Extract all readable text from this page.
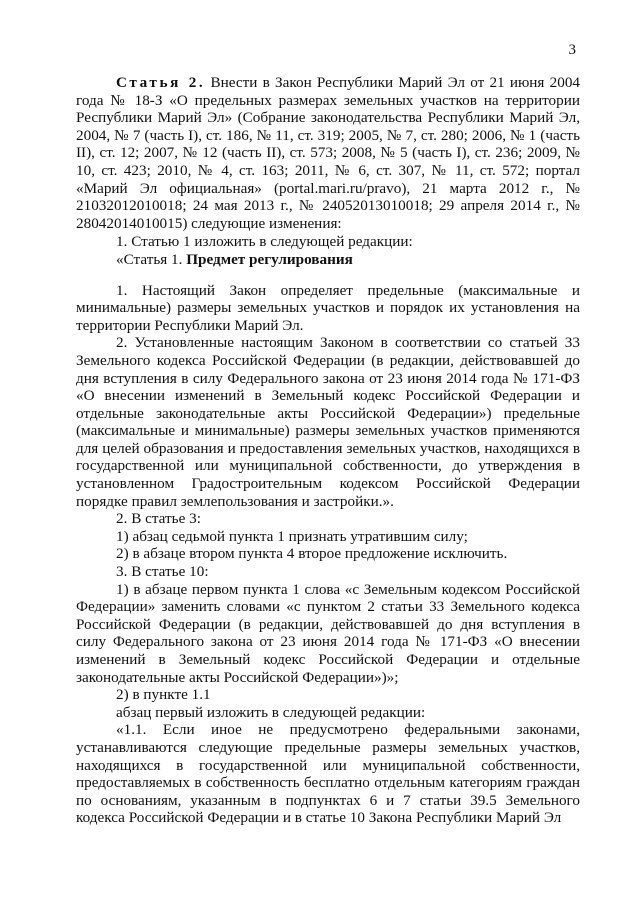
3

Статья 2. Внести в Закон Республики Марий Эл от 21 июня 2004 года № 18-З «О предельных размерах земельных участков на территории Республики Марий Эл» (Собрание законодательства Республики Марий Эл, 2004, № 7 (часть I), ст. 186, № 11, ст. 319; 2005, № 7, ст. 280; 2006, № 1 (часть II), ст. 12; 2007, № 12 (часть II), ст. 573; 2008, № 5 (часть I), ст. 236; 2009, № 10, ст. 423; 2010, № 4, ст. 163; 2011, № 6, ст. 307, № 11, ст. 572; портал «Марий Эл официальная» (portal.mari.ru/pravo), 21 марта 2012 г., № 21032012010018; 24 мая 2013 г., № 24052013010018; 29 апреля 2014 г., № 28042014010015) следующие изменения:

1. Статью 1 изложить в следующей редакции:

«Статья 1. Предмет регулирования

1. Настоящий Закон определяет предельные (максимальные и минимальные) размеры земельных участков и порядок их установления на территории Республики Марий Эл.

2. Установленные настоящим Законом в соответствии со статьей 33 Земельного кодекса Российской Федерации (в редакции, действовавшей до дня вступления в силу Федерального закона от 23 июня 2014 года № 171-ФЗ «О внесении изменений в Земельный кодекс Российской Федерации и отдельные законодательные акты Российской Федерации») предельные (максимальные и минимальные) размеры земельных участков применяются для целей образования и предоставления земельных участков, находящихся в государственной или муниципальной собственности, до утверждения в установленном Градостроительным кодексом Российской Федерации порядке правил землепользования и застройки.».

2. В статье 3:

1) абзац седьмой пункта 1 признать утратившим силу;

2) в абзаце втором пункта 4 второе предложение исключить.

3. В статье 10:

1) в абзаце первом пункта 1 слова «с Земельным кодексом Российской Федерации» заменить словами «с пунктом 2 статьи 33 Земельного кодекса Российской Федерации (в редакции, действовавшей до дня вступления в силу Федерального закона от 23 июня 2014 года № 171-ФЗ «О внесении изменений в Земельный кодекс Российской Федерации и отдельные законодательные акты Российской Федерации»)»;

2) в пункте 1.1

абзац первый изложить в следующей редакции:

«1.1. Если иное не предусмотрено федеральными законами, устанавливаются следующие предельные размеры земельных участков, находящихся в государственной или муниципальной собственности, предоставляемых в собственность бесплатно отдельным категориям граждан по основаниям, указанным в подпунктах 6 и 7 статьи 39.5 Земельного кодекса Российской Федерации и в статье 10 Закона Республики Марий Эл
